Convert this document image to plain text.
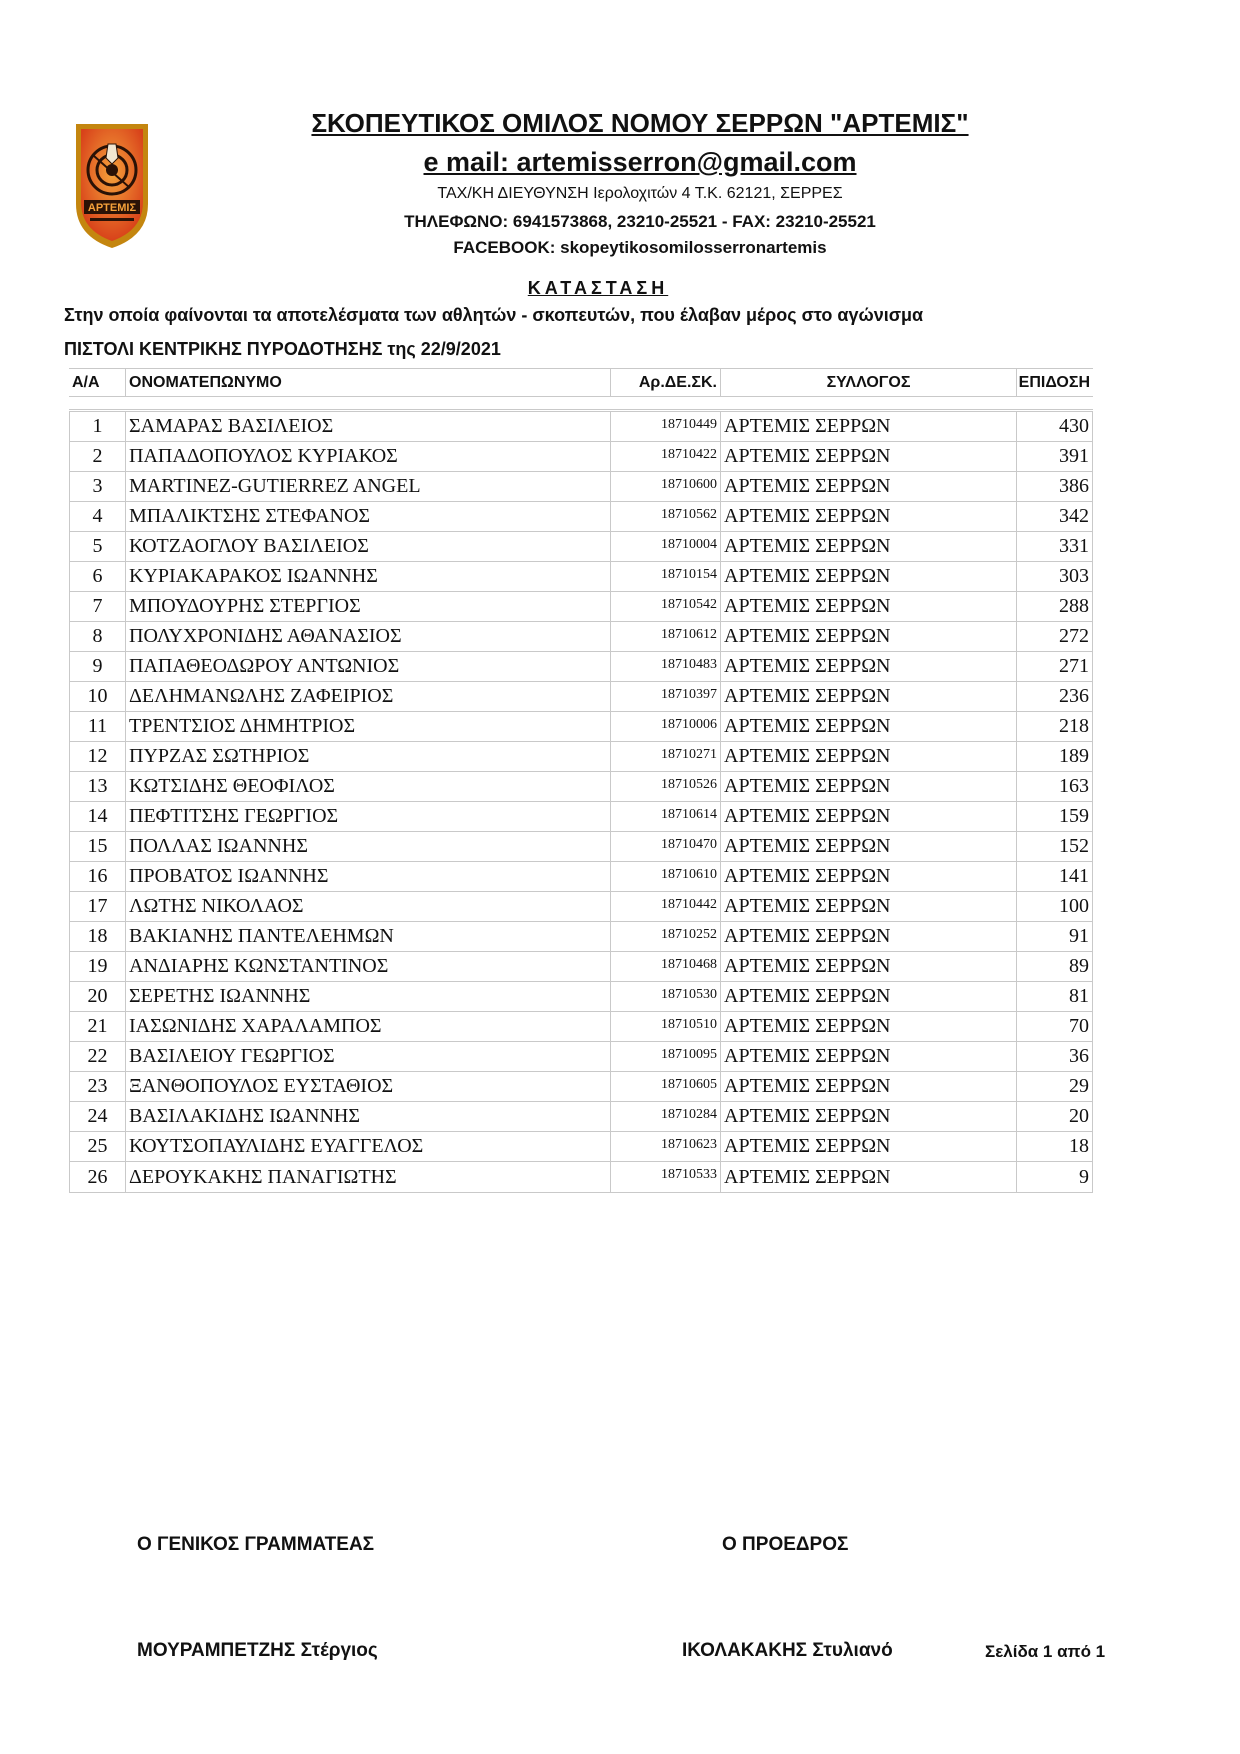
ΑΡΤΕΜΙΣ
ΣΚΟΠΕΥΤΙΚΟΣ ΟΜΙΛΟΣ ΝΟΜΟΥ ΣΕΡΡΩΝ "ΑΡΤΕΜΙΣ"
e mail: artemisserron@gmail.com
ΤΑΧ/ΚΗ ΔΙΕΥΘΥΝΣΗ Ιερολοχιτών 4 Τ.Κ. 62121, ΣΕΡΡΕΣ
ΤΗΛΕΦΩΝΟ: 6941573868, 23210-25521 - FAX: 23210-25521
FACEBOOK: skopeytikosomilosserronartemis
ΚΑΤΑΣΤΑΣΗ
Στην οποία φαίνονται τα αποτελέσματα των αθλητών - σκοπευτών, που έλαβαν μέρος στο αγώνισμα
ΠΙΣΤΟΛΙ ΚΕΝΤΡΙΚΗΣ ΠΥΡΟΔΟΤΗΣΗΣ της 22/9/2021
Α/Α	ΟΝΟΜΑΤΕΠΩΝΥΜΟ	Αρ.ΔΕ.ΣΚ.	ΣΥΛΛΟΓΟΣ	ΕΠΙΔΟΣΗ
1	ΣΑΜΑΡΑΣ ΒΑΣΙΛΕΙΟΣ	18710449 ΑΡΤΕΜΙΣ ΣΕΡΡΩΝ	430
2	ΠΑΠΑΔΟΠΟΥΛΟΣ ΚΥΡΙΑΚΟΣ	18710422 ΑΡΤΕΜΙΣ ΣΕΡΡΩΝ	391
3	MARTINEZ-GUTIERREZ ANGEL	18710600 ΑΡΤΕΜΙΣ ΣΕΡΡΩΝ	386
4	ΜΠΑΛΙΚΤΣΗΣ ΣΤΕΦΑΝΟΣ	18710562 ΑΡΤΕΜΙΣ ΣΕΡΡΩΝ	342
5	ΚΟΤΖΑΟΓΛΟΥ ΒΑΣΙΛΕΙΟΣ	18710004 ΑΡΤΕΜΙΣ ΣΕΡΡΩΝ	331
6	ΚΥΡΙΑΚΑΡΑΚΟΣ ΙΩΑΝΝΗΣ	18710154 ΑΡΤΕΜΙΣ ΣΕΡΡΩΝ	303
7	ΜΠΟΥΔΟΥΡΗΣ ΣΤΕΡΓΙΟΣ	18710542 ΑΡΤΕΜΙΣ ΣΕΡΡΩΝ	288
8	ΠΟΛΥΧΡΟΝΙΔΗΣ ΑΘΑΝΑΣΙΟΣ	18710612 ΑΡΤΕΜΙΣ ΣΕΡΡΩΝ	272
9	ΠΑΠΑΘΕΟΔΩΡΟΥ ΑΝΤΩΝΙΟΣ	18710483 ΑΡΤΕΜΙΣ ΣΕΡΡΩΝ	271
10	ΔΕΛΗΜΑΝΩΛΗΣ ΖΑΦΕΙΡΙΟΣ	18710397 ΑΡΤΕΜΙΣ ΣΕΡΡΩΝ	236
11	ΤΡΕΝΤΣΙΟΣ ΔΗΜΗΤΡΙΟΣ	18710006 ΑΡΤΕΜΙΣ ΣΕΡΡΩΝ	218
12	ΠΥΡΖΑΣ ΣΩΤΗΡΙΟΣ	18710271 ΑΡΤΕΜΙΣ ΣΕΡΡΩΝ	189
13	ΚΩΤΣΙΔΗΣ ΘΕΟΦΙΛΟΣ	18710526 ΑΡΤΕΜΙΣ ΣΕΡΡΩΝ	163
14	ΠΕΦΤΙΤΣΗΣ ΓΕΩΡΓΙΟΣ	18710614 ΑΡΤΕΜΙΣ ΣΕΡΡΩΝ	159
15	ΠΟΛΛΑΣ ΙΩΑΝΝΗΣ	18710470 ΑΡΤΕΜΙΣ ΣΕΡΡΩΝ	152
16	ΠΡΟΒΑΤΟΣ ΙΩΑΝΝΗΣ	18710610 ΑΡΤΕΜΙΣ ΣΕΡΡΩΝ	141
17	ΛΩΤΗΣ ΝΙΚΟΛΑΟΣ	18710442 ΑΡΤΕΜΙΣ ΣΕΡΡΩΝ	100
18	ΒΑΚΙΑΝΗΣ ΠΑΝΤΕΛΕΗΜΩΝ	18710252 ΑΡΤΕΜΙΣ ΣΕΡΡΩΝ	91
19	ΑΝΔΙΑΡΗΣ ΚΩΝΣΤΑΝΤΙΝΟΣ	18710468 ΑΡΤΕΜΙΣ ΣΕΡΡΩΝ	89
20	ΣΕΡΕΤΗΣ ΙΩΑΝΝΗΣ	18710530 ΑΡΤΕΜΙΣ ΣΕΡΡΩΝ	81
21	ΙΑΣΩΝΙΔΗΣ ΧΑΡΑΛΑΜΠΟΣ	18710510 ΑΡΤΕΜΙΣ ΣΕΡΡΩΝ	70
22	ΒΑΣΙΛΕΙΟΥ ΓΕΩΡΓΙΟΣ	18710095 ΑΡΤΕΜΙΣ ΣΕΡΡΩΝ	36
23	ΞΑΝΘΟΠΟΥΛΟΣ ΕΥΣΤΑΘΙΟΣ	18710605 ΑΡΤΕΜΙΣ ΣΕΡΡΩΝ	29
24	ΒΑΣΙΛΑΚΙΔΗΣ ΙΩΑΝΝΗΣ	18710284 ΑΡΤΕΜΙΣ ΣΕΡΡΩΝ	20
25	ΚΟΥΤΣΟΠΑΥΛΙΔΗΣ ΕΥΑΓΓΕΛΟΣ	18710623 ΑΡΤΕΜΙΣ ΣΕΡΡΩΝ	18
26	ΔΕΡΟΥΚΑΚΗΣ ΠΑΝΑΓΙΩΤΗΣ	18710533 ΑΡΤΕΜΙΣ ΣΕΡΡΩΝ	9
Ο ΓΕΝΙΚΟΣ ΓΡΑΜΜΑΤΕΑΣ	Ο ΠΡΟΕΔΡΟΣ
ΜΟΥΡΑΜΠΕΤΖΗΣ Στέργιος	ΙΚΟΛΑΚΑΚΗΣ Στυλιανό	Σελίδα 1 από 1
